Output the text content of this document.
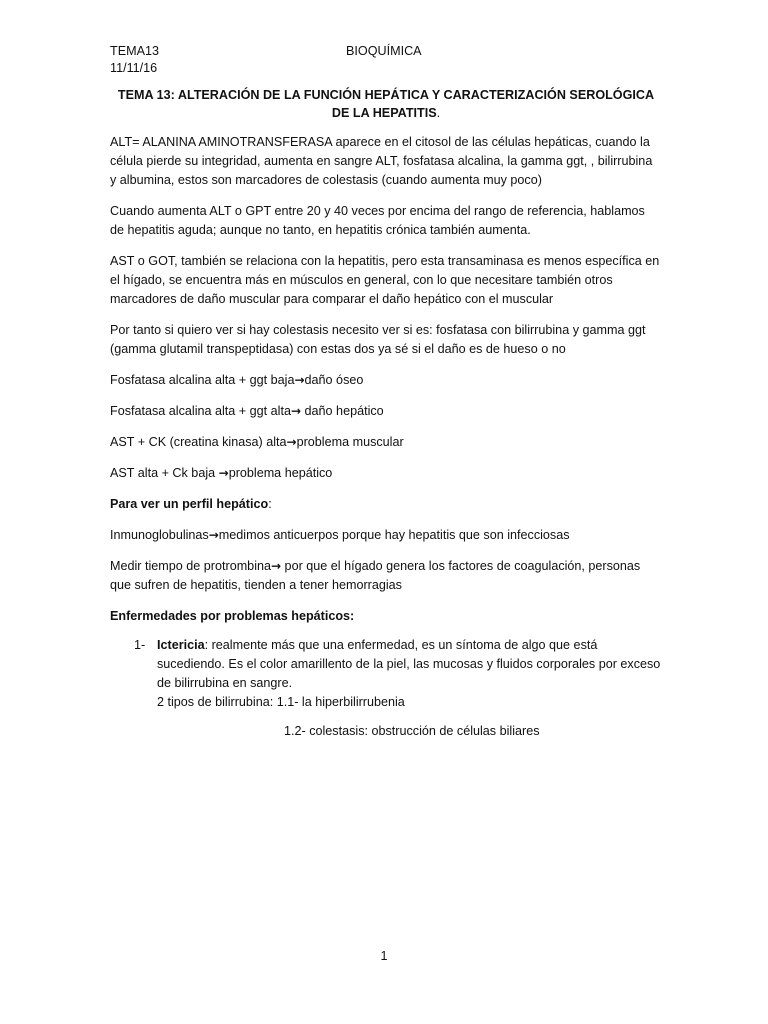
TEMA13
11/11/16
BIOQUÍMICA
TEMA 13: ALTERACIÓN DE LA FUNCIÓN HEPÁTICA Y CARACTERIZACIÓN SEROLÓGICA DE LA HEPATITIS.

ALT= ALANINA AMINOTRANSFERASA aparece en el citosol de las células hepáticas, cuando la célula pierde su integridad, aumenta en sangre ALT, fosfatasa alcalina, la gamma ggt, , bilirrubina y albumina, estos son marcadores de colestasis (cuando aumenta muy poco)

Cuando aumenta ALT o GPT entre 20 y 40 veces por encima del rango de referencia, hablamos de hepatitis aguda; aunque no tanto, en hepatitis crónica también aumenta.

AST o GOT, también se relaciona con la hepatitis, pero esta transaminasa es menos específica en el hígado, se encuentra más en músculos en general, con lo que necesitare también otros marcadores de daño muscular para comparar el daño hepático con el muscular

Por tanto si quiero ver si hay colestasis necesito ver si es: fosfatasa con bilirrubina y gamma ggt (gamma glutamil transpeptidasa) con estas dos ya sé si el daño es de hueso o no

Fosfatasa alcalina alta + ggt baja→daño óseo

Fosfatasa alcalina alta + ggt alta→ daño hepático

AST + CK (creatina kinasa) alta→problema muscular

AST alta + Ck baja →problema hepático

Para ver un perfil hepático:

Inmunoglobulinas→medimos anticuerpos porque hay hepatitis que son infecciosas

Medir tiempo de protrombina→ por que el hígado genera los factores de coagulación, personas que sufren de hepatitis, tienden a tener hemorragias

Enfermedades por problemas hepáticos:

1- Ictericia: realmente más que una enfermedad, es un síntoma de algo que está sucediendo. Es el color amarillento de la piel, las mucosas y fluidos corporales por exceso de bilirrubina en sangre.
2 tipos de bilirrubina: 1.1- la hiperbilirrubenia
1.2- colestasis: obstrucción de células biliares
1
